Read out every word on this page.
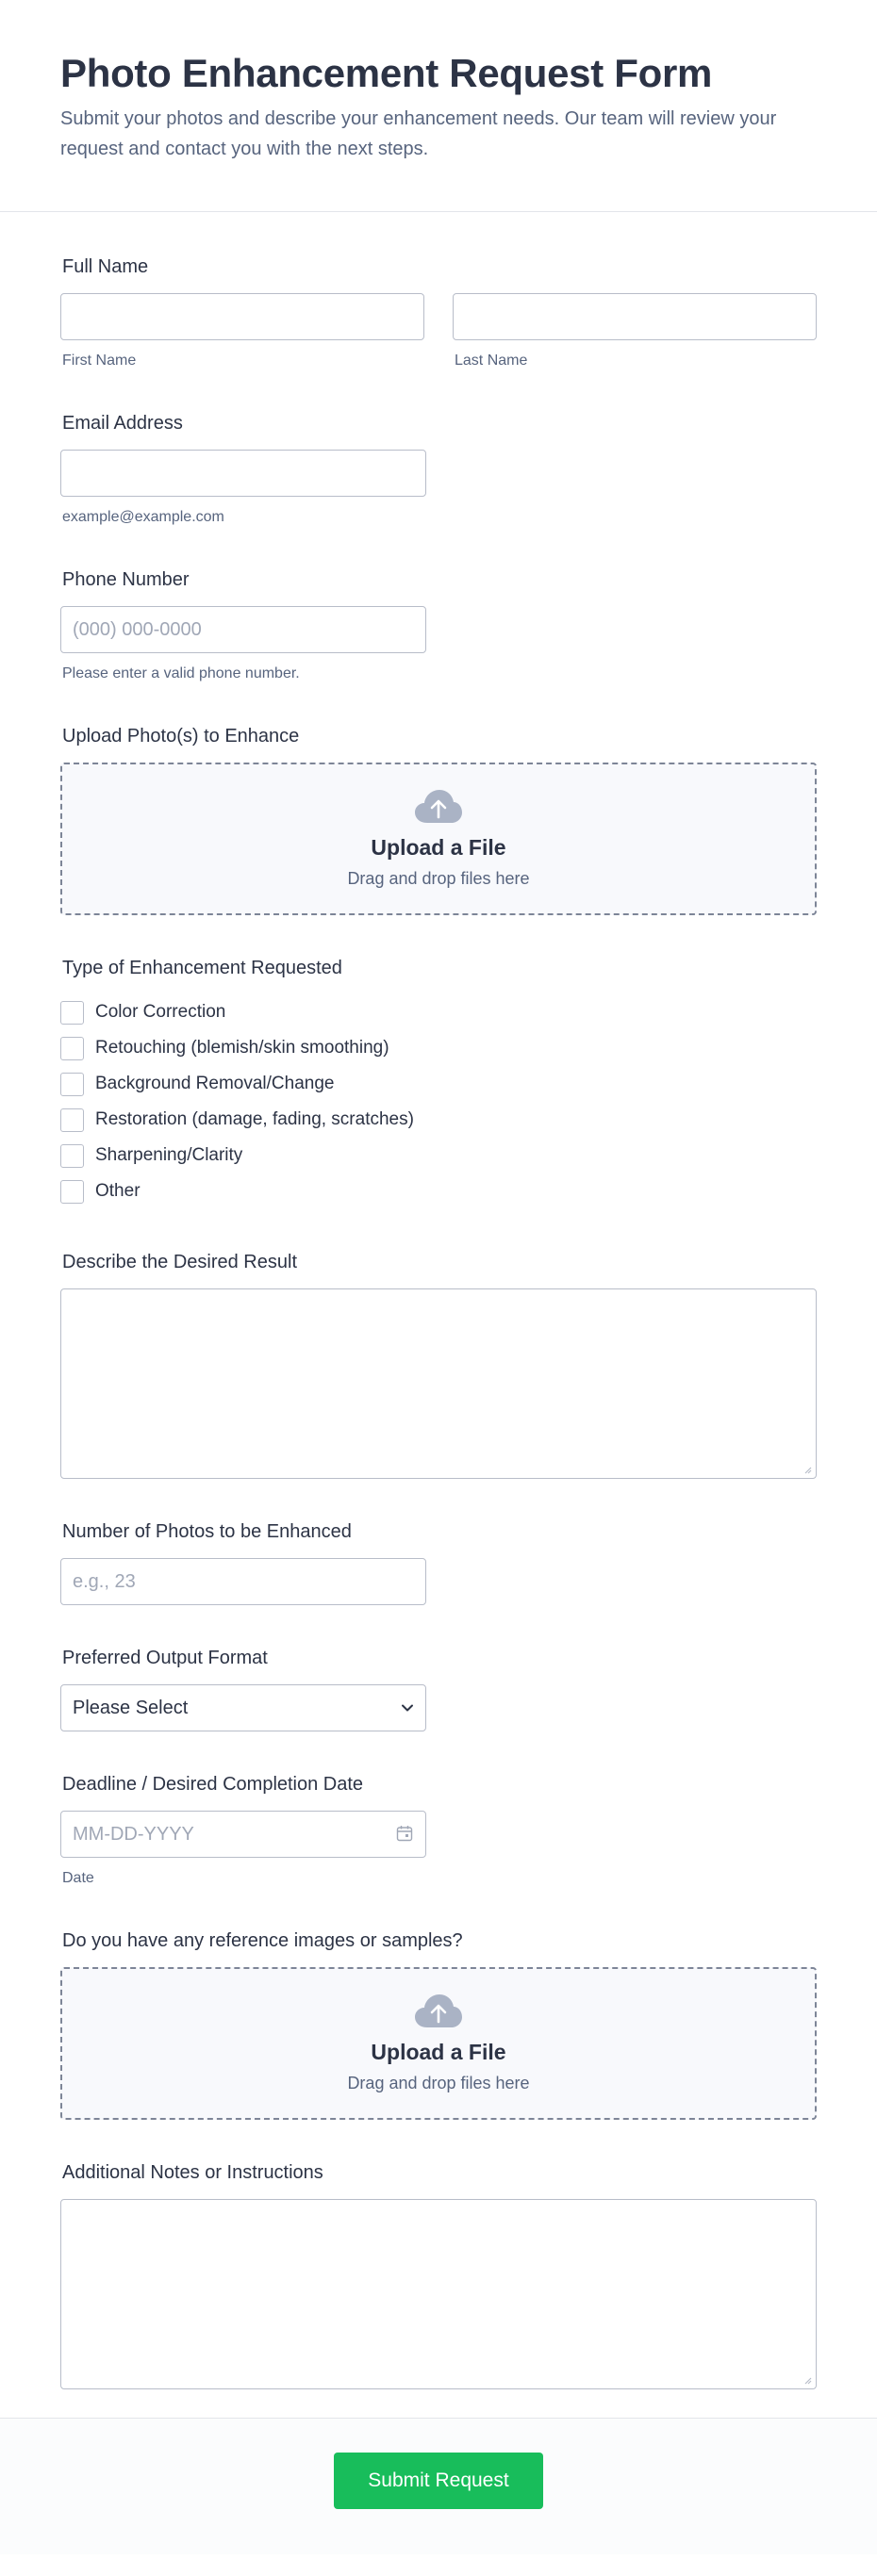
Photo Enhancement Request Form

Submit your photos and describe your enhancement needs. Our team will review your request and contact you with the next steps.

Full Name
First Name	Last Name
Email Address
example@example.com
Phone Number
(000) 000-0000
Please enter a valid phone number.
Upload Photo(s) to Enhance
Upload a File
Drag and drop files here
Type of Enhancement Requested
Color Correction
Retouching (blemish/skin smoothing)
Background Removal/Change
Restoration (damage, fading, scratches)
Sharpening/Clarity
Other
Describe the Desired Result
Number of Photos to be Enhanced
e.g., 23
Preferred Output Format
Please Select
Deadline / Desired Completion Date
MM-DD-YYYY
Date
Do you have any reference images or samples?
Upload a File
Drag and drop files here
Additional Notes or Instructions
Submit Request
